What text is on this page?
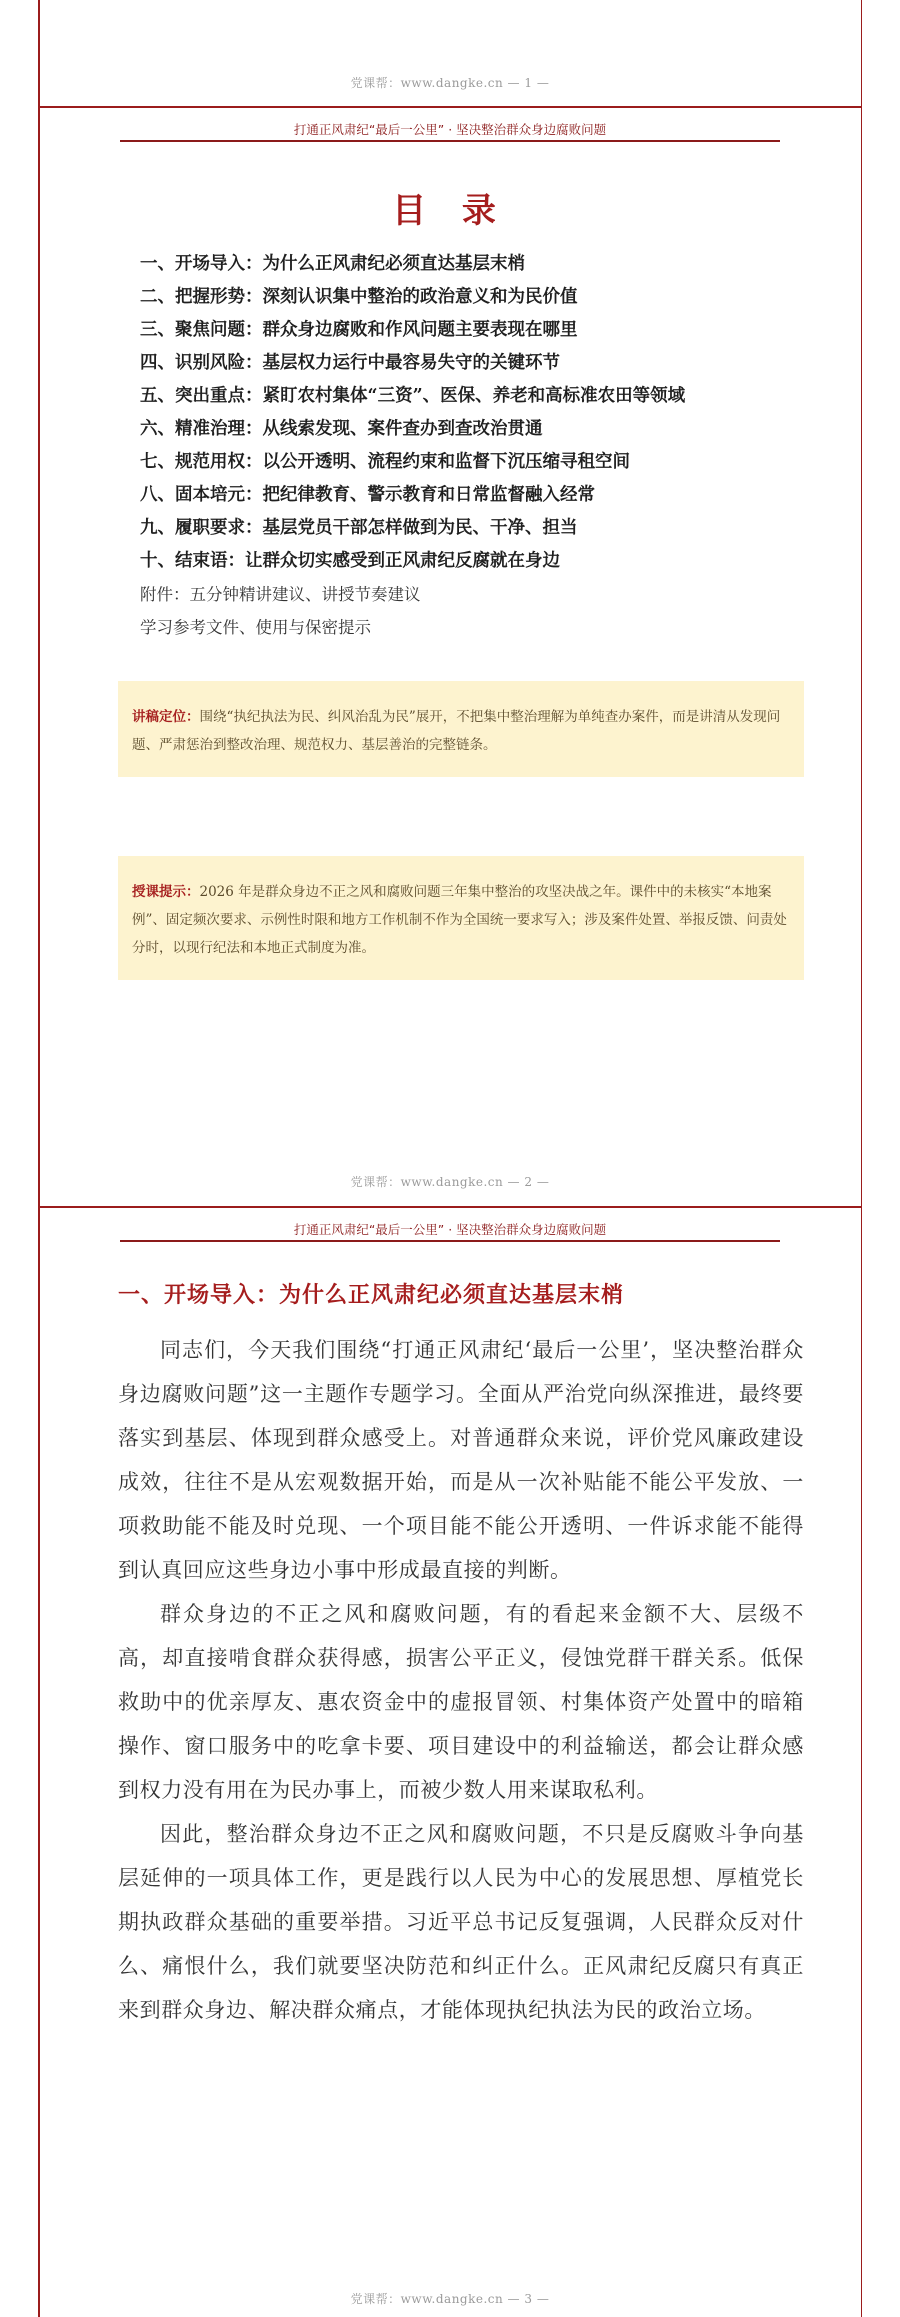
党课帮：www.dangke.cn — 1 —
打通正风肃纪“最后一公里” · 坚决整治群众身边腐败问题
目 录
一、开场导入：为什么正风肃纪必须直达基层末梢
二、把握形势：深刻认识集中整治的政治意义和为民价值
三、聚焦问题：群众身边腐败和作风问题主要表现在哪里
四、识别风险：基层权力运行中最容易失守的关键环节
五、突出重点：紧盯农村集体“三资”、医保、养老和高标准农田等领域
六、精准治理：从线索发现、案件查办到查改治贯通
七、规范用权：以公开透明、流程约束和监督下沉压缩寻租空间
八、固本培元：把纪律教育、警示教育和日常监督融入经常
九、履职要求：基层党员干部怎样做到为民、干净、担当
十、结束语：让群众切实感受到正风肃纪反腐就在身边
附件：五分钟精讲建议、讲授节奏建议
学习参考文件、使用与保密提示
讲稿定位：围绕“执纪执法为民、纠风治乱为民”展开，不把集中整治理解为单纯查办案件，而是讲清从发现问题、严肃惩治到整改治理、规范权力、基层善治的完整链条。
授课提示：2026 年是群众身边不正之风和腐败问题三年集中整治的攻坚决战之年。课件中的未核实“本地案例”、固定频次要求、示例性时限和地方工作机制不作为全国统一要求写入；涉及案件处置、举报反馈、问责处分时，以现行纪法和本地正式制度为准。
党课帮：www.dangke.cn — 2 —
打通正风肃纪“最后一公里” · 坚决整治群众身边腐败问题
一、开场导入：为什么正风肃纪必须直达基层末梢

同志们，今天我们围绕“打通正风肃纪‘最后一公里’，坚决整治群众身边腐败问题”这一主题作专题学习。全面从严治党向纵深推进，最终要落实到基层、体现到群众感受上。对普通群众来说，评价党风廉政建设成效，往往不是从宏观数据开始，而是从一次补贴能不能公平发放、一项救助能不能及时兑现、一个项目能不能公开透明、一件诉求能不能得到认真回应这些身边小事中形成最直接的判断。

群众身边的不正之风和腐败问题，有的看起来金额不大、层级不高，却直接啃食群众获得感，损害公平正义，侵蚀党群干群关系。低保救助中的优亲厚友、惠农资金中的虚报冒领、村集体资产处置中的暗箱操作、窗口服务中的吃拿卡要、项目建设中的利益输送，都会让群众感到权力没有用在为民办事上，而被少数人用来谋取私利。

因此，整治群众身边不正之风和腐败问题，不只是反腐败斗争向基层延伸的一项具体工作，更是践行以人民为中心的发展思想、厚植党长期执政群众基础的重要举措。习近平总书记反复强调，人民群众反对什么、痛恨什么，我们就要坚决防范和纠正什么。正风肃纪反腐只有真正来到群众身边、解决群众痛点，才能体现执纪执法为民的政治立场。

党课帮：www.dangke.cn — 3 —
